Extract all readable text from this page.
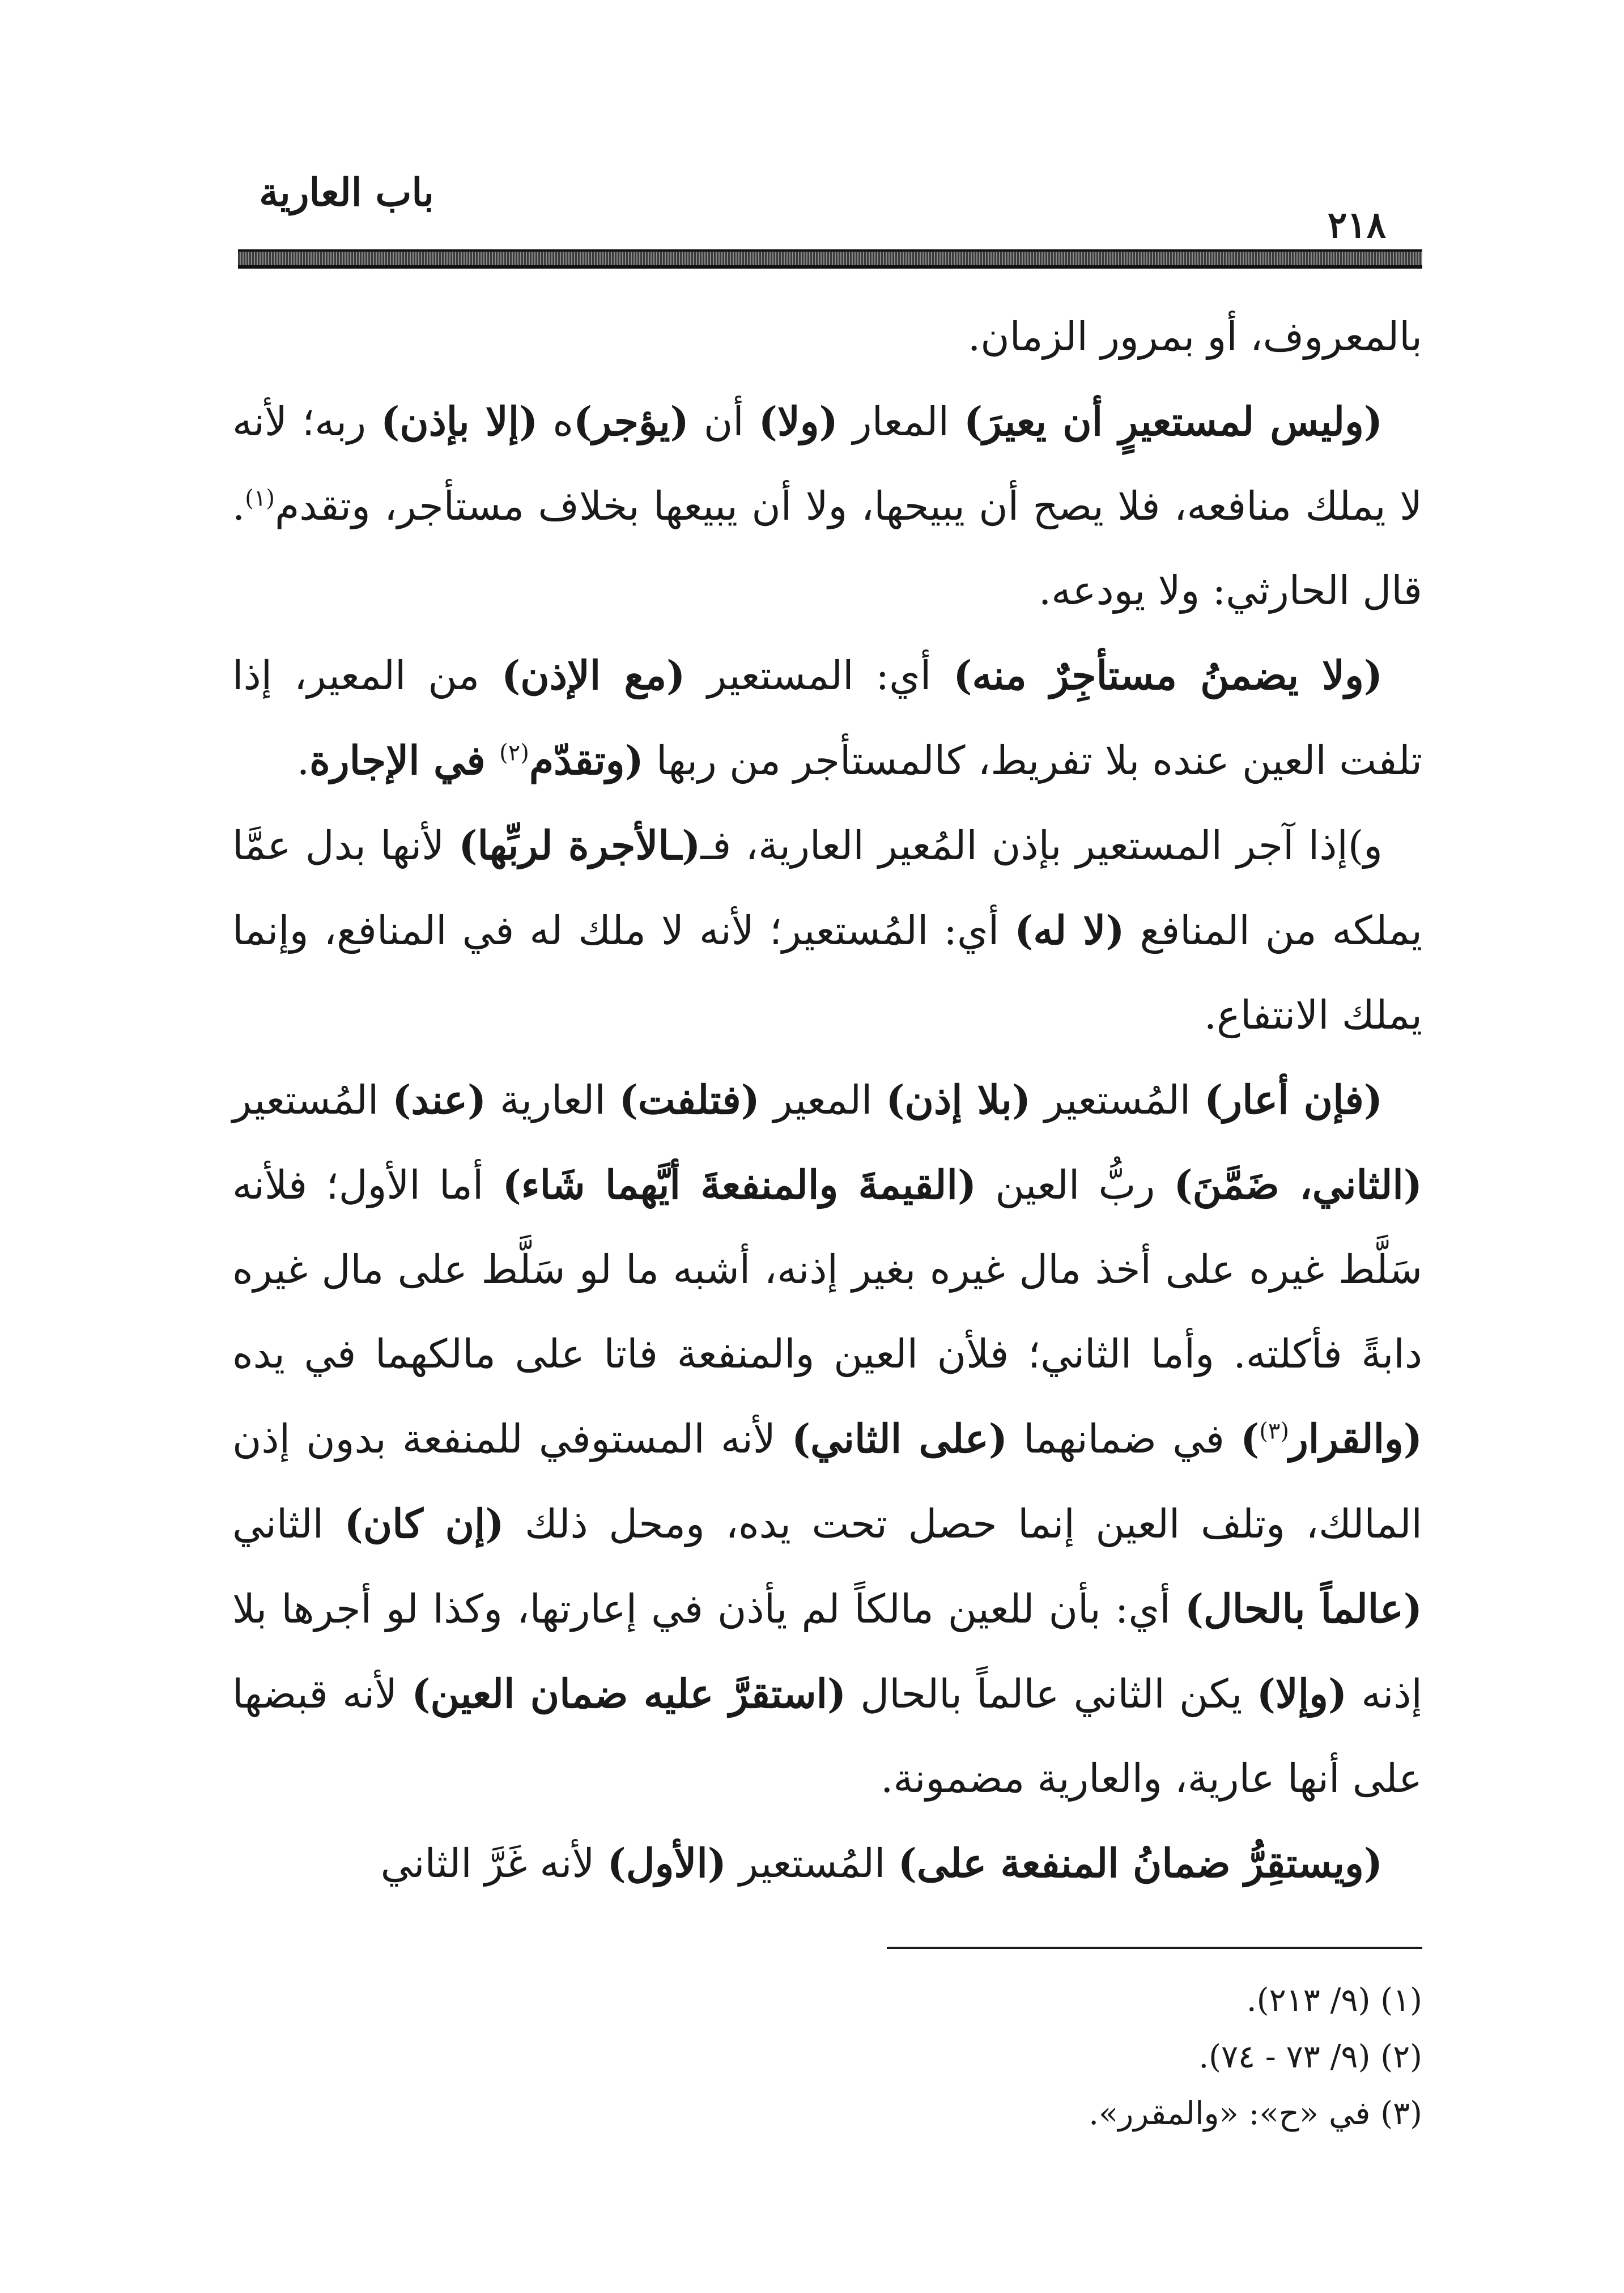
باب العارية
٢١٨

بالمعروف، أو بمرور الزمان.

(وليس لمستعيرٍ أن يعيرَ) المعار (ولا) أن (يؤجر)ه (إلا بإذن) ربه؛ لأنه لا يملك منافعه، فلا يصح أن يبيحها، ولا أن يبيعها بخلاف مستأجر، وتقدم$^{(١)}$. قال الحارثي: ولا يودعه.

(ولا يضمنُ مستأجِرٌ منه) أي: المستعير (مع الإذن) من المعير، إذا تلفت العين عنده بلا تفريط، كالمستأجر من ربها (وتقدّم$^{(٢)}$ في الإجارة.

و)إذا آجر المستعير بإذن المُعير العارية، فـ(ـالأجرة لربِّها) لأنها بدل عمَّا يملكه من المنافع (لا له) أي: المُستعير؛ لأنه لا ملك له في المنافع، وإنما يملك الانتفاع.

(فإن أعار) المُستعير (بلا إذن) المعير (فتلفت) العارية (عند) المُستعير (الثاني، ضَمَّنَ) ربُّ العين (القيمةَ والمنفعةَ أيَّهما شَاء) أما الأول؛ فلأنه سَلَّط غيره على أخذ مال غيره بغير إذنه، أشبه ما لو سَلَّط على مال غيره دابةً فأكلته. وأما الثاني؛ فلأن العين والمنفعة فاتا على مالكهما في يده (والقرار$^{(٣)}$) في ضمانهما (على الثاني) لأنه المستوفي للمنفعة بدون إذن المالك، وتلف العين إنما حصل تحت يده، ومحل ذلك (إن كان) الثاني (عالماً بالحال) أي: بأن للعين مالكاً لم يأذن في إعارتها، وكذا لو أجرها بلا إذنه (وإلا) يكن الثاني عالماً بالحال (استقرَّ عليه ضمان العين) لأنه قبضها على أنها عارية، والعارية مضمونة.

(ويستقِرُّ ضمانُ المنفعة على) المُستعير (الأول) لأنه غَرَّ الثاني

(١) (٩/ ٢١٣).

(٢) (٩/ ٧٣ - ٧٤).

(٣) في «ح»: «والمقرر».
